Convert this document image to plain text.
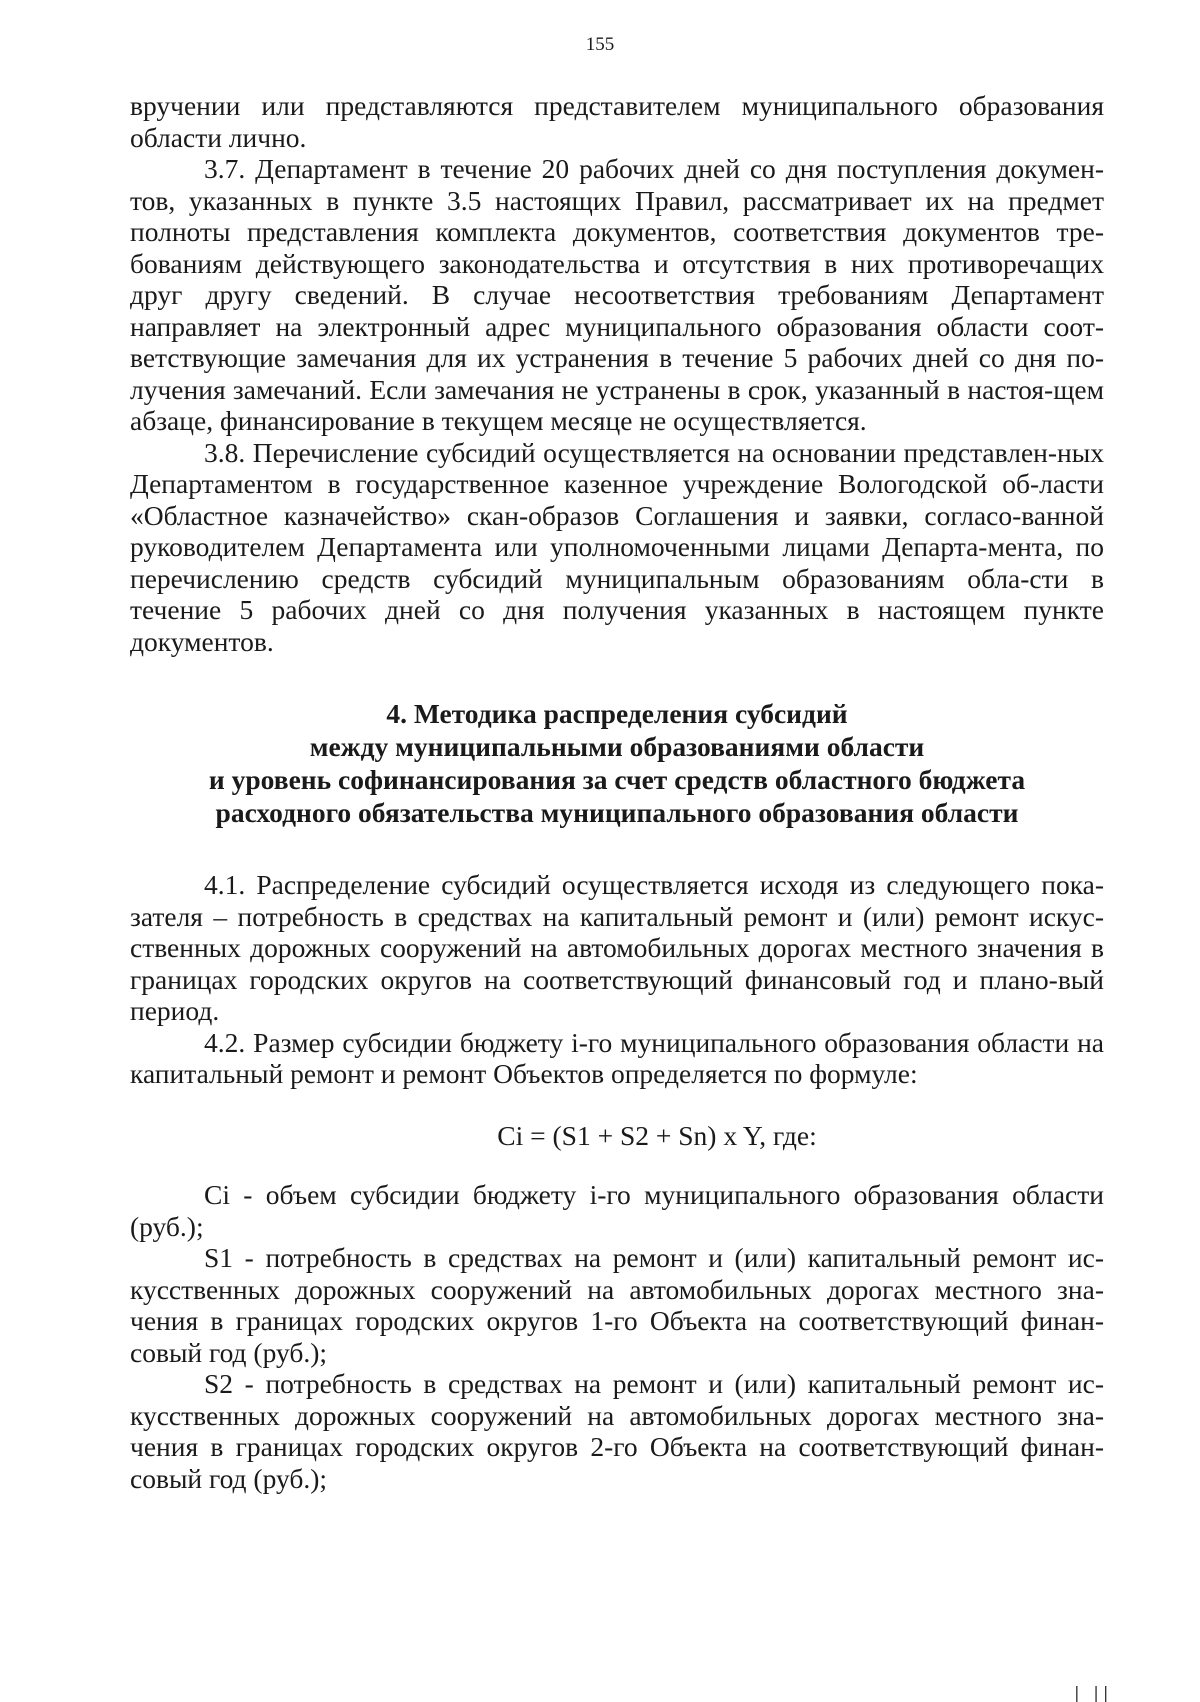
155

вручении или представляются представителем муниципального образования области лично.

3.7. Департамент в течение 20 рабочих дней со дня поступления докумен-тов, указанных в пункте 3.5 настоящих Правил, рассматривает их на предмет полноты представления комплекта документов, соответствия документов тре-бованиям действующего законодательства и отсутствия в них противоречащих друг другу сведений. В случае несоответствия требованиям Департамент направляет на электронный адрес муниципального образования области соот-ветствующие замечания для их устранения в течение 5 рабочих дней со дня по-лучения замечаний. Если замечания не устранены в срок, указанный в настоя-щем абзаце, финансирование в текущем месяце не осуществляется.

3.8. Перечисление субсидий осуществляется на основании представлен-ных Департаментом в государственное казенное учреждение Вологодской об-ласти «Областное казначейство» скан-образов Соглашения и заявки, согласо-ванной руководителем Департамента или уполномоченными лицами Департа-мента, по перечислению средств субсидий муниципальным образованиям обла-сти в течение 5 рабочих дней со дня получения указанных в настоящем пункте документов.

4. Методика распределения субсидий
между муниципальными образованиями области
и уровень софинансирования за счет средств областного бюджета
расходного обязательства муниципального образования области

4.1. Распределение субсидий осуществляется исходя из следующего пока-зателя – потребность в средствах на капитальный ремонт и (или) ремонт искус-ственных дорожных сооружений на автомобильных дорогах местного значения в границах городских округов на соответствующий финансовый год и плано-вый период.

4.2. Размер субсидии бюджету i-го муниципального образования области на капитальный ремонт и ремонт Объектов определяется по формуле:

Ci = (S1 + S2 + Sn) x Y, где:

Ci - объем субсидии бюджету i-го муниципального образования области (руб.);

S1 - потребность в средствах на ремонт и (или) капитальный ремонт ис-кусственных дорожных сооружений на автомобильных дорогах местного зна-чения в границах городских округов 1-го Объекта на соответствующий финан-совый год (руб.);

S2 - потребность в средствах на ремонт и (или) капитальный ремонт ис-кусственных дорожных сооружений на автомобильных дорогах местного зна-чения в границах городских округов 2-го Объекта на соответствующий финан-совый год (руб.);

| ||
